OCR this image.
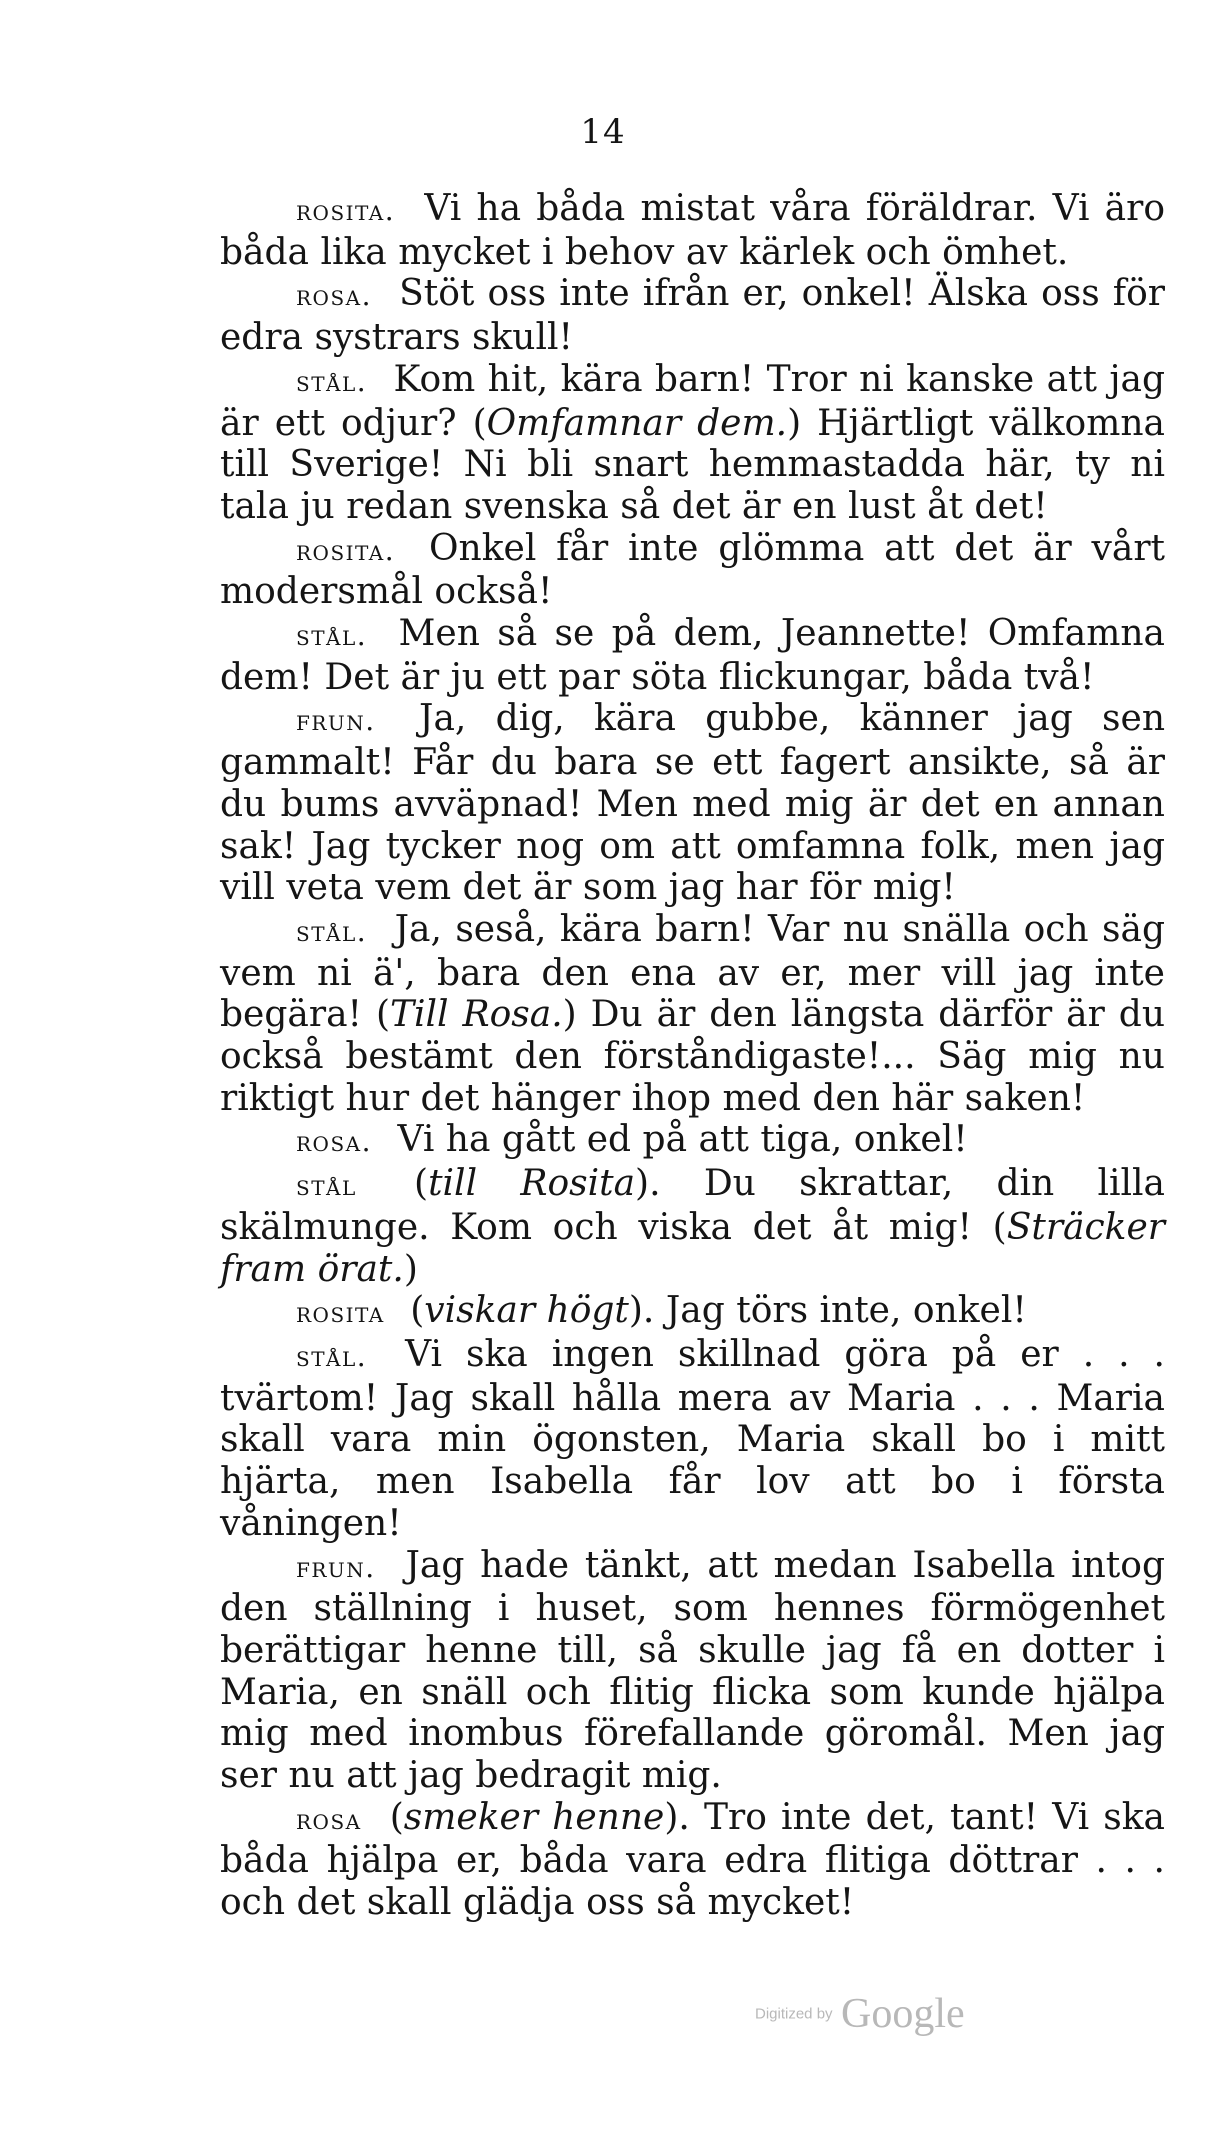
14

rosita. Vi ha båda mistat våra föräldrar. Vi äro båda lika mycket i behov av kärlek och ömhet.

rosa. Stöt oss inte ifrån er, onkel! Älska oss för edra systrars skull!

stål. Kom hit, kära barn! Tror ni kanske att jag är ett odjur? (Omfamnar dem.) Hjärtligt välkomna till Sverige! Ni bli snart hemmastadda här, ty ni tala ju redan svenska så det är en lust åt det!

rosita. Onkel får inte glömma att det är vårt modersmål också!

stål. Men så se på dem, Jeannette! Omfamna dem! Det är ju ett par söta flickungar, båda två!

frun. Ja, dig, kära gubbe, känner jag sen gammalt! Får du bara se ett fagert ansikte, så är du bums avväpnad! Men med mig är det en annan sak! Jag tycker nog om att omfamna folk, men jag vill veta vem det är som jag har för mig!

stål. Ja, seså, kära barn! Var nu snälla och säg vem ni ä', bara den ena av er, mer vill jag inte begära! (Till Rosa.) Du är den längsta därför är du också bestämt den förståndigaste!... Säg mig nu riktigt hur det hänger ihop med den här saken!

rosa. Vi ha gått ed på att tiga, onkel!

stål (till Rosita). Du skrattar, din lilla skälmunge. Kom och viska det åt mig! (Sträcker fram örat.)

rosita (viskar högt). Jag törs inte, onkel!

stål. Vi ska ingen skillnad göra på er . . . tvärtom! Jag skall hålla mera av Maria . . . Maria skall vara min ögonsten, Maria skall bo i mitt hjärta, men Isabella får lov att bo i första våningen!

frun. Jag hade tänkt, att medan Isabella intog den ställning i huset, som hennes förmögenhet berättigar henne till, så skulle jag få en dotter i Maria, en snäll och flitig flicka som kunde hjälpa mig med inombus förefallande göromål. Men jag ser nu att jag bedragit mig.

rosa (smeker henne). Tro inte det, tant! Vi ska båda hjälpa er, båda vara edra flitiga döttrar . . . och det skall glädja oss så mycket!

Digitized by Google
